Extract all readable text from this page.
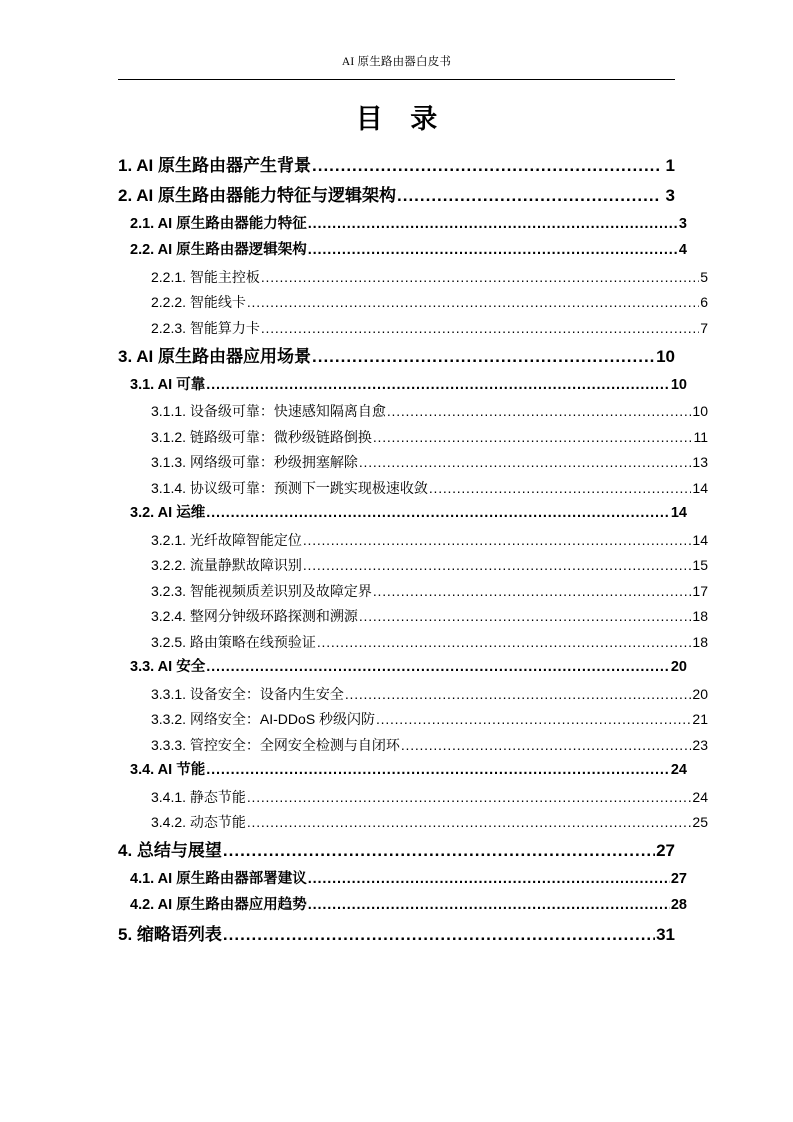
AI 原生路由器白皮书
目 录
1. AI 原生路由器产生背景 .....	1
2. AI 原生路由器能力特征与逻辑架构 .....	3
2.1. AI 原生路由器能力特征 .....	3
2.2. AI 原生路由器逻辑架构 .....	4
2.2.1. 智能主控板 .....	5
2.2.2. 智能线卡 .....	6
2.2.3. 智能算力卡 .....	7
3. AI 原生路由器应用场景 .....	10
3.1. AI 可靠 .....	10
3.1.1. 设备级可靠：快速感知隔离自愈 .....	10
3.1.2. 链路级可靠：微秒级链路倒换 .....	11
3.1.3. 网络级可靠：秒级拥塞解除 .....	13
3.1.4. 协议级可靠：预测下一跳实现极速收敛 .....	14
3.2. AI 运维 .....	14
3.2.1. 光纤故障智能定位 .....	14
3.2.2. 流量静默故障识别 .....	15
3.2.3. 智能视频质差识别及故障定界 .....	17
3.2.4. 整网分钟级环路探测和溯源 .....	18
3.2.5. 路由策略在线预验证 .....	18
3.3. AI 安全 .....	20
3.3.1. 设备安全：设备内生安全 .....	20
3.3.2. 网络安全：AI-DDoS 秒级闪防 .....	21
3.3.3. 管控安全：全网安全检测与自闭环 .....	23
3.4. AI 节能 .....	24
3.4.1. 静态节能 .....	24
3.4.2. 动态节能 .....	25
4. 总结与展望 .....	27
4.1. AI 原生路由器部署建议 .....	27
4.2. AI 原生路由器应用趋势 .....	28
5. 缩略语列表 .....	31
